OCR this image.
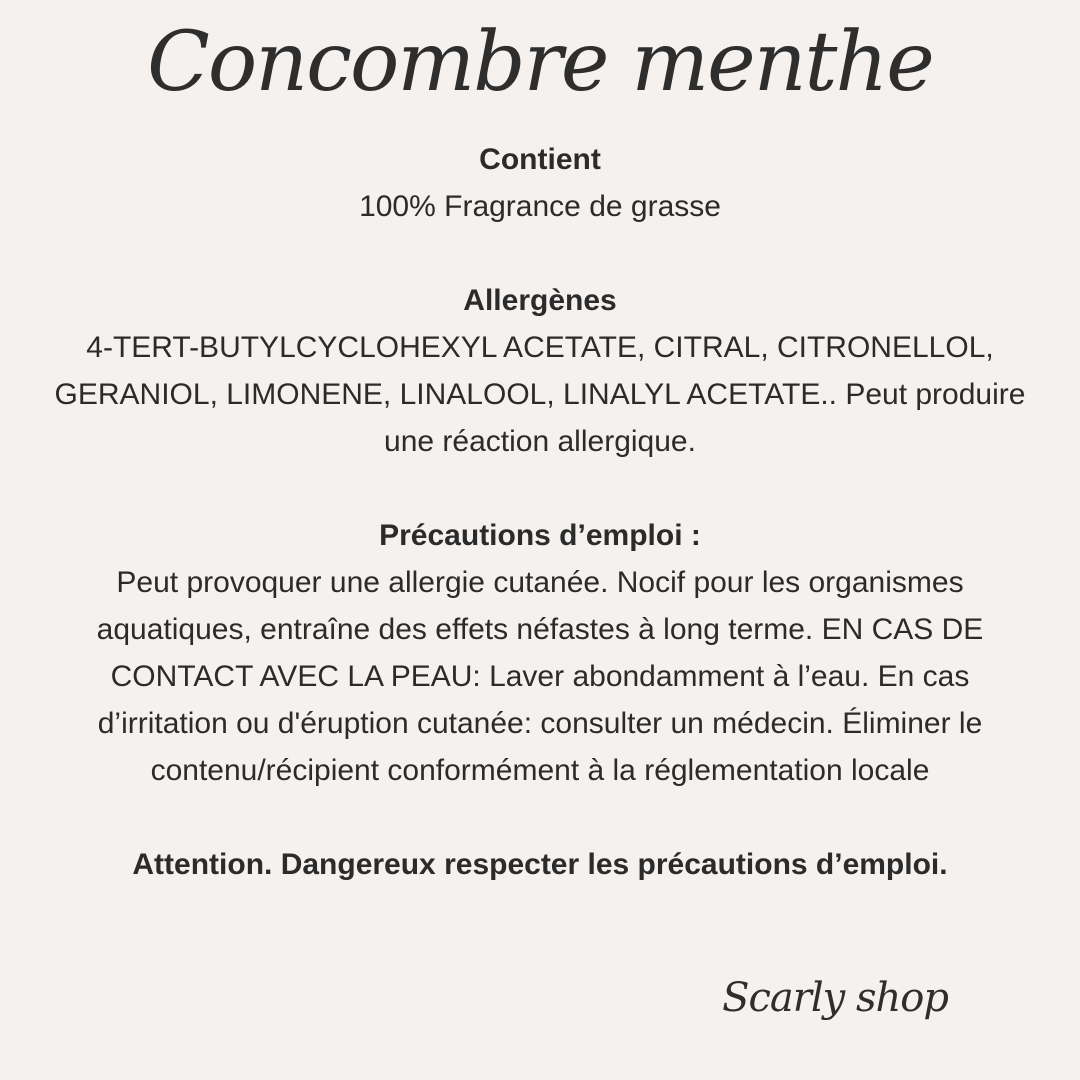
Concombre menthe

Contient

100% Fragrance de grasse

Allergènes

4-TERT-BUTYLCYCLOHEXYL ACETATE, CITRAL, CITRONELLOL,

GERANIOL, LIMONENE, LINALOOL, LINALYL ACETATE.. Peut produire

une réaction allergique.

Précautions d’emploi :

Peut provoquer une allergie cutanée. Nocif pour les organismes

aquatiques, entraîne des effets néfastes à long terme. EN CAS DE

CONTACT AVEC LA PEAU: Laver abondamment à l’eau. En cas

d’irritation ou d'éruption cutanée: consulter un médecin. Éliminer le

contenu/récipient conformément à la réglementation locale

Attention. Dangereux respecter les précautions d’emploi.

Scarly shop
